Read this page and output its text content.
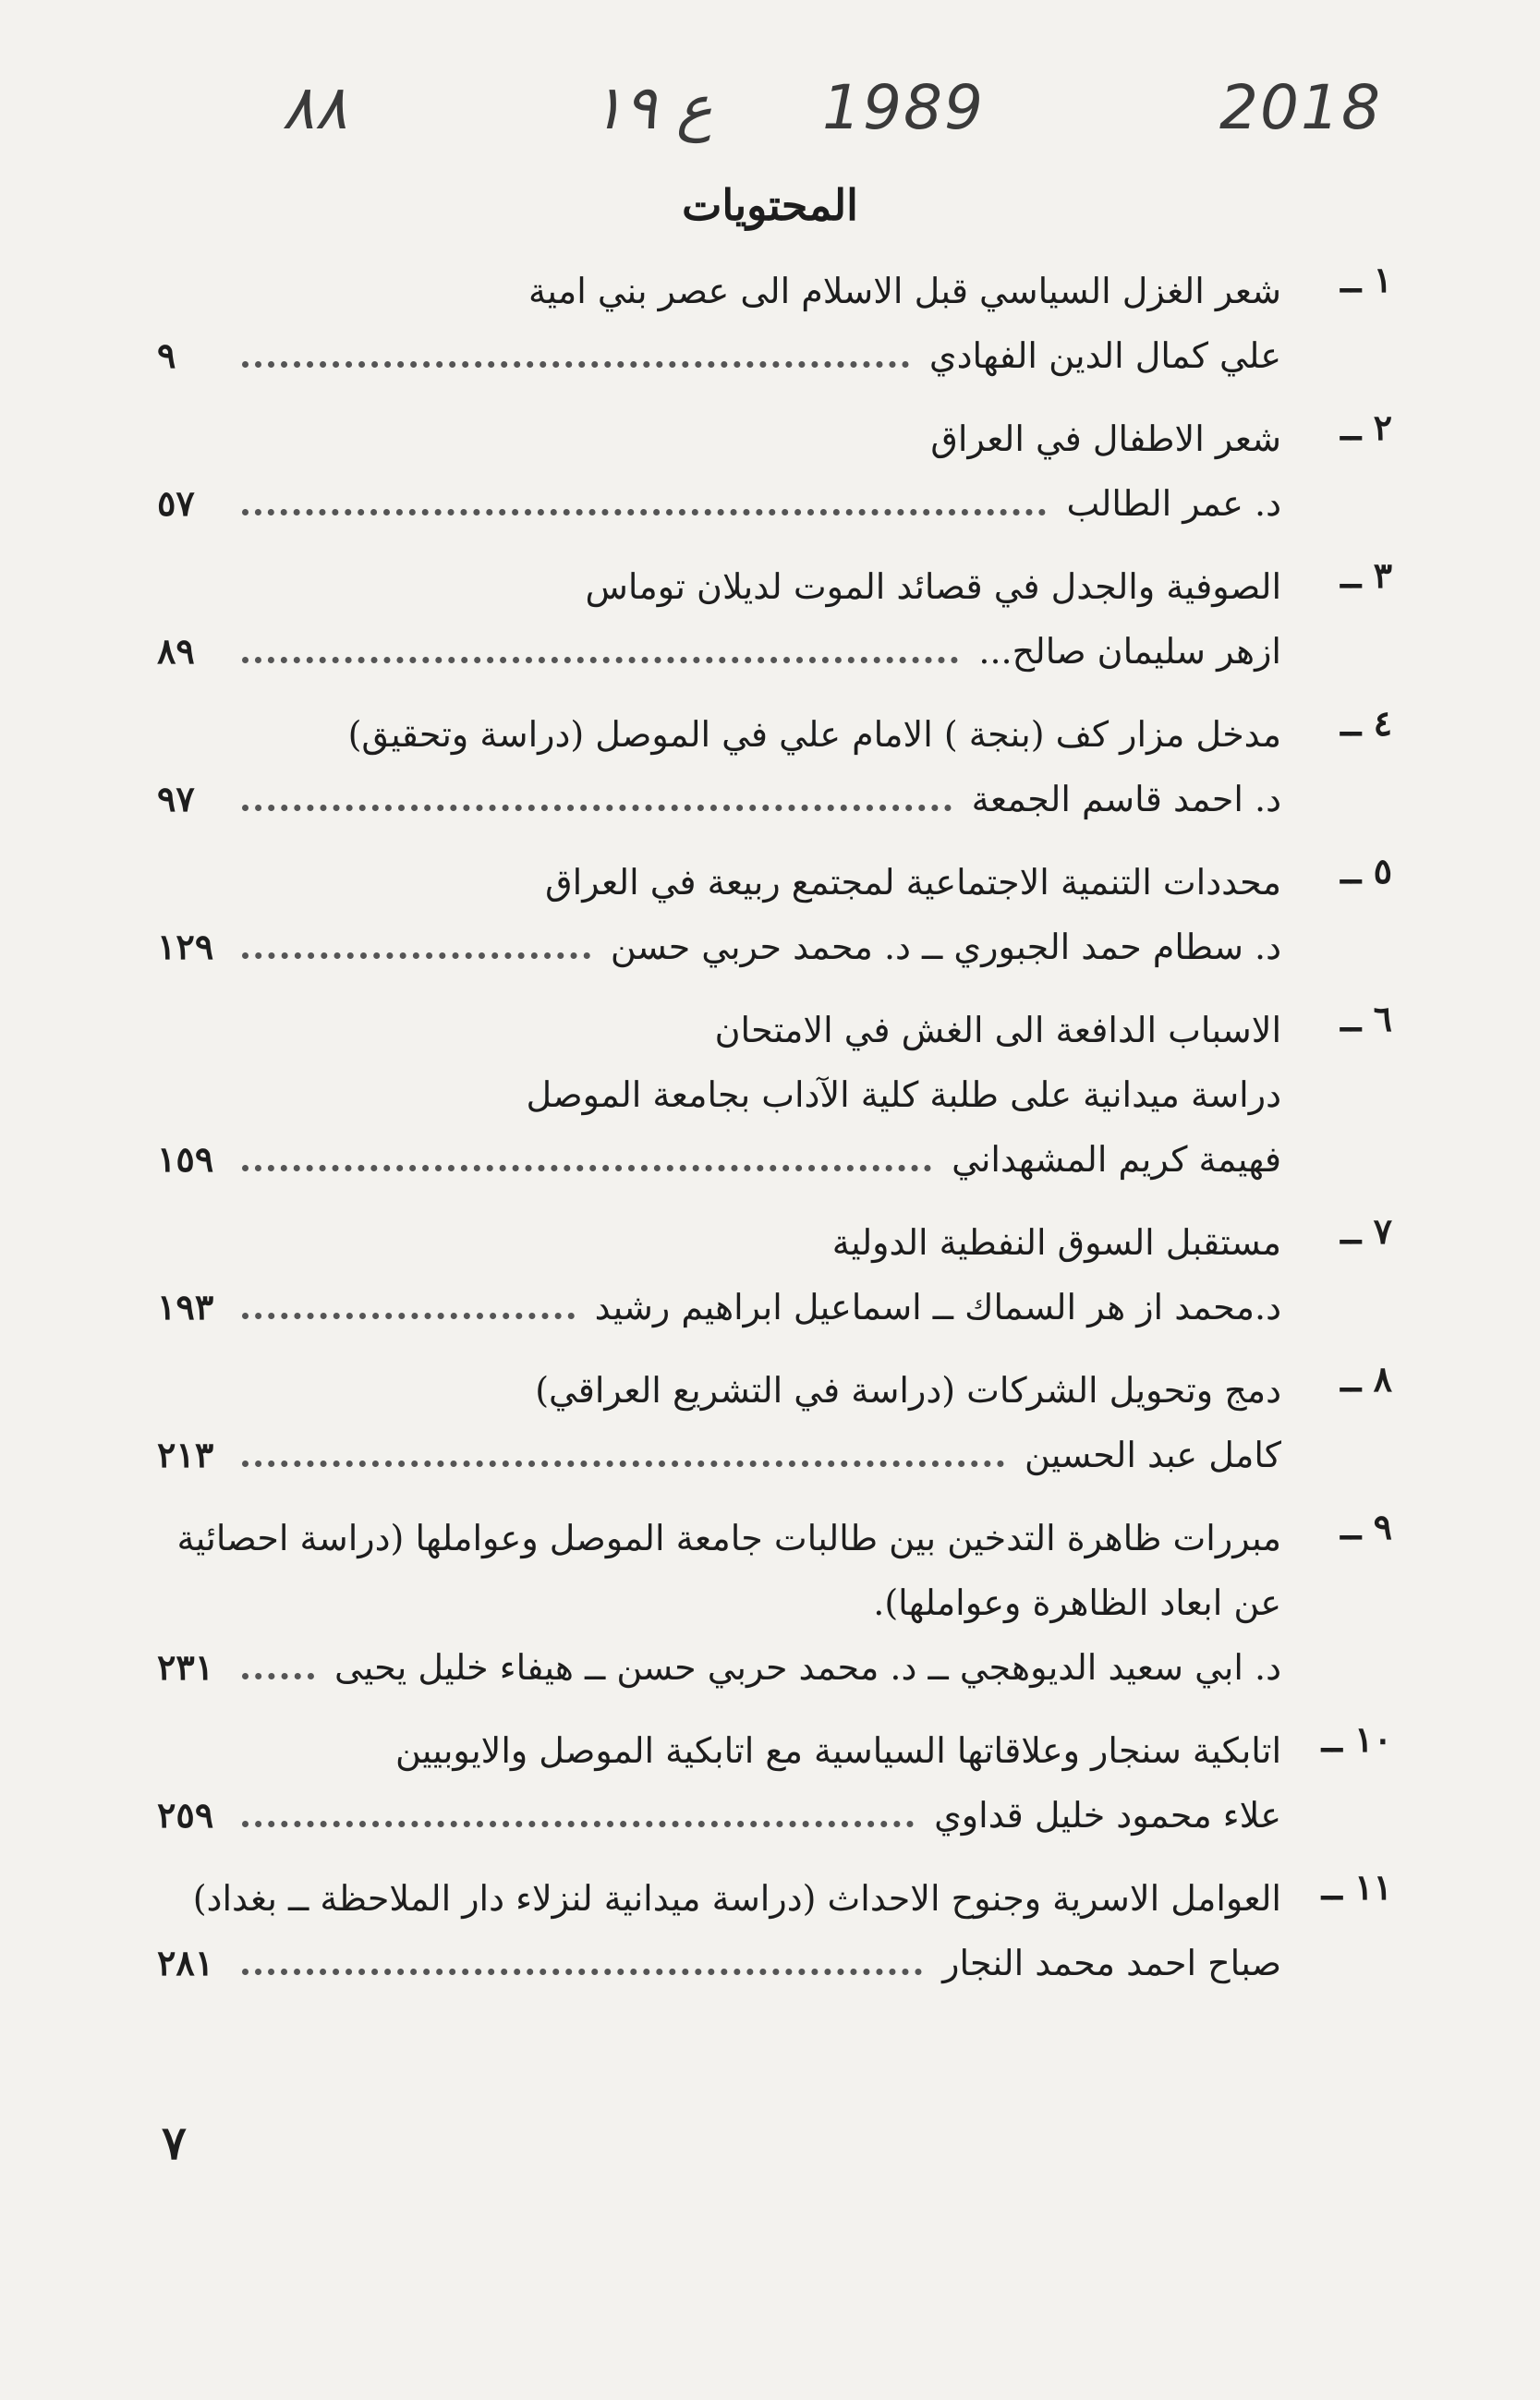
2018
1989
ع ١٩
٨٨
المحتويات
١ ــ
شعر الغزل السياسي قبل الاسلام الى عصر بني امية
علي كمال الدين الفهادي
٩
٢ ــ
شعر الاطفال في العراق
د. عمر الطالب
٥٧
٣ ــ
الصوفية والجدل في قصائد الموت لديلان توماس
ازهر سليمان صالح...
٨٩
٤ ــ
مدخل مزار كف (بنجة ) الامام علي في الموصل (دراسة وتحقيق)
د. احمد قاسم الجمعة
٩٧
٥ ــ
محددات التنمية الاجتماعية لمجتمع ربيعة في العراق
د. سطام حمد الجبوري ــ د. محمد حربي حسن
١٢٩
٦ ــ
الاسباب الدافعة الى الغش في الامتحان
دراسة ميدانية على طلبة كلية الآداب بجامعة الموصل
فهيمة كريم المشهداني
١٥٩
٧ ــ
مستقبل السوق النفطية الدولية
د.محمد از هر السماك ــ اسماعيل ابراهيم رشيد
١٩٣
٨ ــ
دمج وتحويل الشركات (دراسة في التشريع العراقي)
كامل عبد الحسين
٢١٣
٩ ــ
مبررات ظاهرة التدخين بين طالبات جامعة الموصل وعواملها (دراسة احصائية
عن ابعاد الظاهرة وعواملها).
د. ابي سعيد الديوهجي ــ د. محمد حربي حسن ــ هيفاء خليل يحيى
٢٣١
١٠ ــ
اتابكية سنجار وعلاقاتها السياسية مع اتابكية الموصل والايوبيين
علاء محمود خليل قداوي
٢٥٩
١١ ــ
العوامل الاسرية وجنوح الاحداث (دراسة ميدانية لنزلاء دار الملاحظة ــ بغداد)
صباح احمد محمد النجار
٢٨١
٧
